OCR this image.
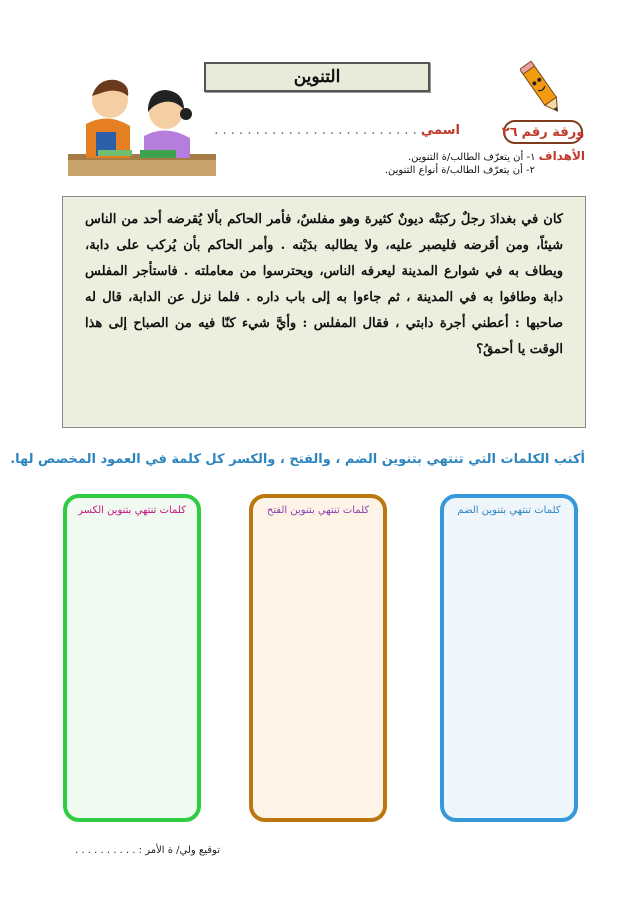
التنوين
اسمي . . . . . . . . . . . . . . . . . . . . . . . . .	ورقة رقم
٢٦
الأهداف ١- أن يتعرّف الطالب/ة التنوين.
٢- أن يتعرّف الطالب/ة أنواع التنوين.

كان في بغدادَ رجلٌ ركبَتْه ديونٌ كثيرة وهو مفلسٌ، فأمر الحاكم بألا يُقرضه أحد من الناس شيئاً، ومن أقرضه فليصبر عليه، ولا يطالبه بدَيْنه . وأمر الحاكم بأن يُركب على دابة، ويطاف به في شوارع المدينة ليعرفه الناس، ويحترسوا من معاملته . فاستأجر المفلس دابة وطافوا به في المدينة ، ثم جاءوا به إلى باب داره . فلما نزل عن الدابة، قال له صاحبها : أعطني أجرة دابتي ، فقال المفلس : وأيَّ شيء كنّا فيه من الصباح إلى هذا الوقت يا أحمقُ؟

أكتب الكلمات التي تنتهي بتنوين الضم ، والفتح ، والكسر كل كلمة في العمود المخصص لها.
كلمات تنتهي بتنوين الضم
كلمات تنتهي بتنوين الفتح
كلمات تنتهي بتنوين الكسر
توقيع ولي/ ة الأمر : . . . . . . . . . .
